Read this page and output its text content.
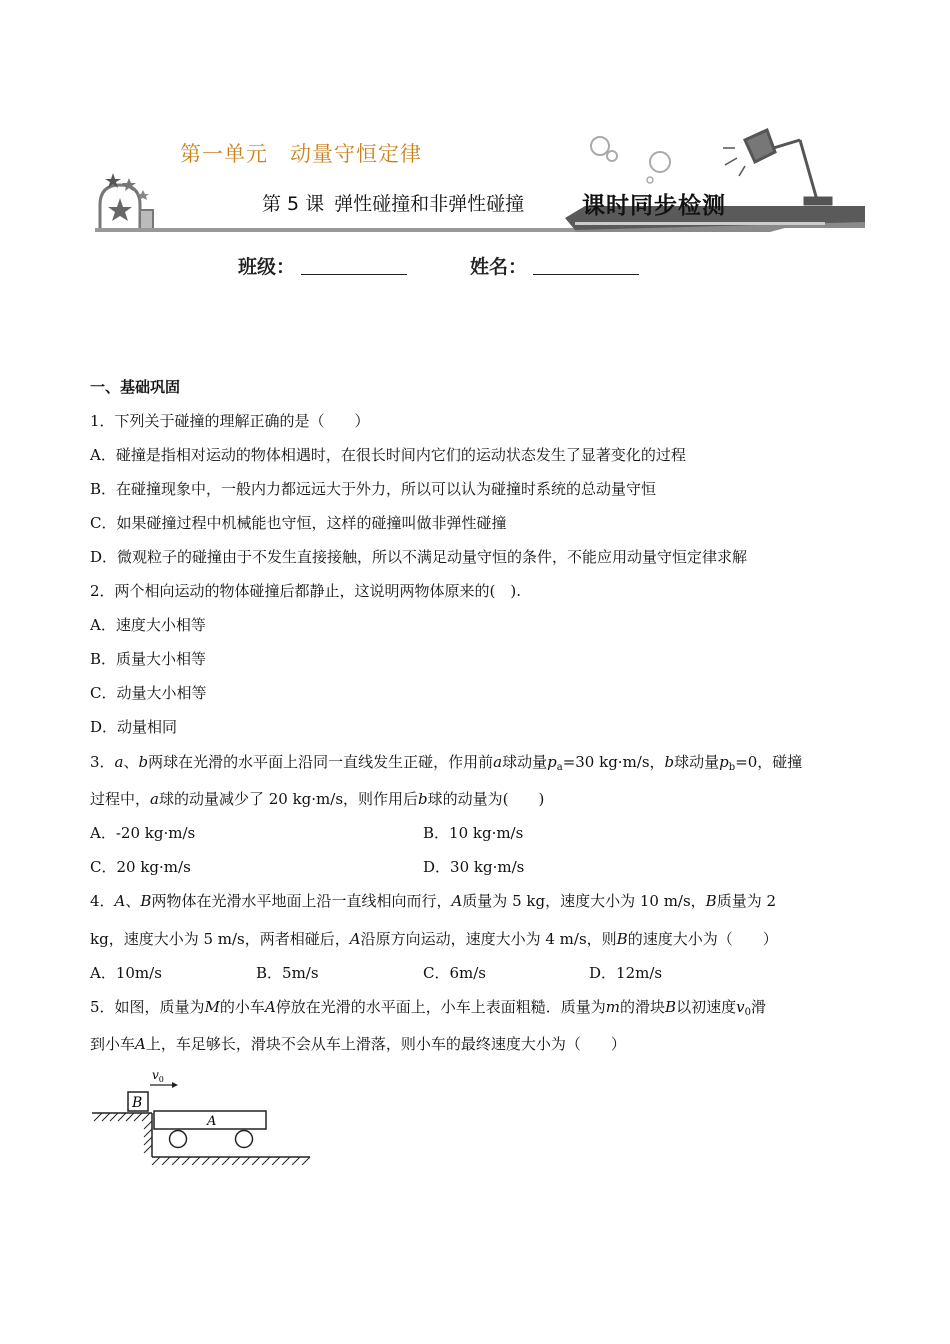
第一单元 动量守恒定律
第 5 课 弹性碰撞和非弹性碰撞	课时同步检测
班级：	姓名：
一、基础巩固
1．下列关于碰撞的理解正确的是（　　）
A．碰撞是指相对运动的物体相遇时，在很长时间内它们的运动状态发生了显著变化的过程
B．在碰撞现象中，一般内力都远远大于外力，所以可以认为碰撞时系统的总动量守恒
C．如果碰撞过程中机械能也守恒，这样的碰撞叫做非弹性碰撞
D．微观粒子的碰撞由于不发生直接接触，所以不满足动量守恒的条件，不能应用动量守恒定律求解
2．两个相向运动的物体碰撞后都静止，这说明两物体原来的(　).
A．速度大小相等
B．质量大小相等
C．动量大小相等
D．动量相同
3．a、b两球在光滑的水平面上沿同一直线发生正碰，作用前a球动量$p_a=30$ kg·m/s，b球动量$p_b=0$，碰撞
过程中，a球的动量减少了 20 kg·m/s，则作用后b球的动量为(　　)
A．-20 kg·m/s	B．10 kg·m/s
C．20 kg·m/s	D．30 kg·m/s
4．A、B两物体在光滑水平地面上沿一直线相向而行，A质量为 5 kg，速度大小为 10 m/s，B质量为 2
kg，速度大小为 5 m/s，两者相碰后，A沿原方向运动，速度大小为 4 m/s，则B的速度大小为（　　）
A．10m/s	B．5m/s	C．6m/s	D．12m/s
5．如图，质量为M的小车A停放在光滑的水平面上，小车上表面粗糙．质量为m的滑块B以初速度$v_0$滑
到小车A上，车足够长，滑块不会从车上滑落，则小车的最终速度大小为（　　）
B
$v_0$
A
